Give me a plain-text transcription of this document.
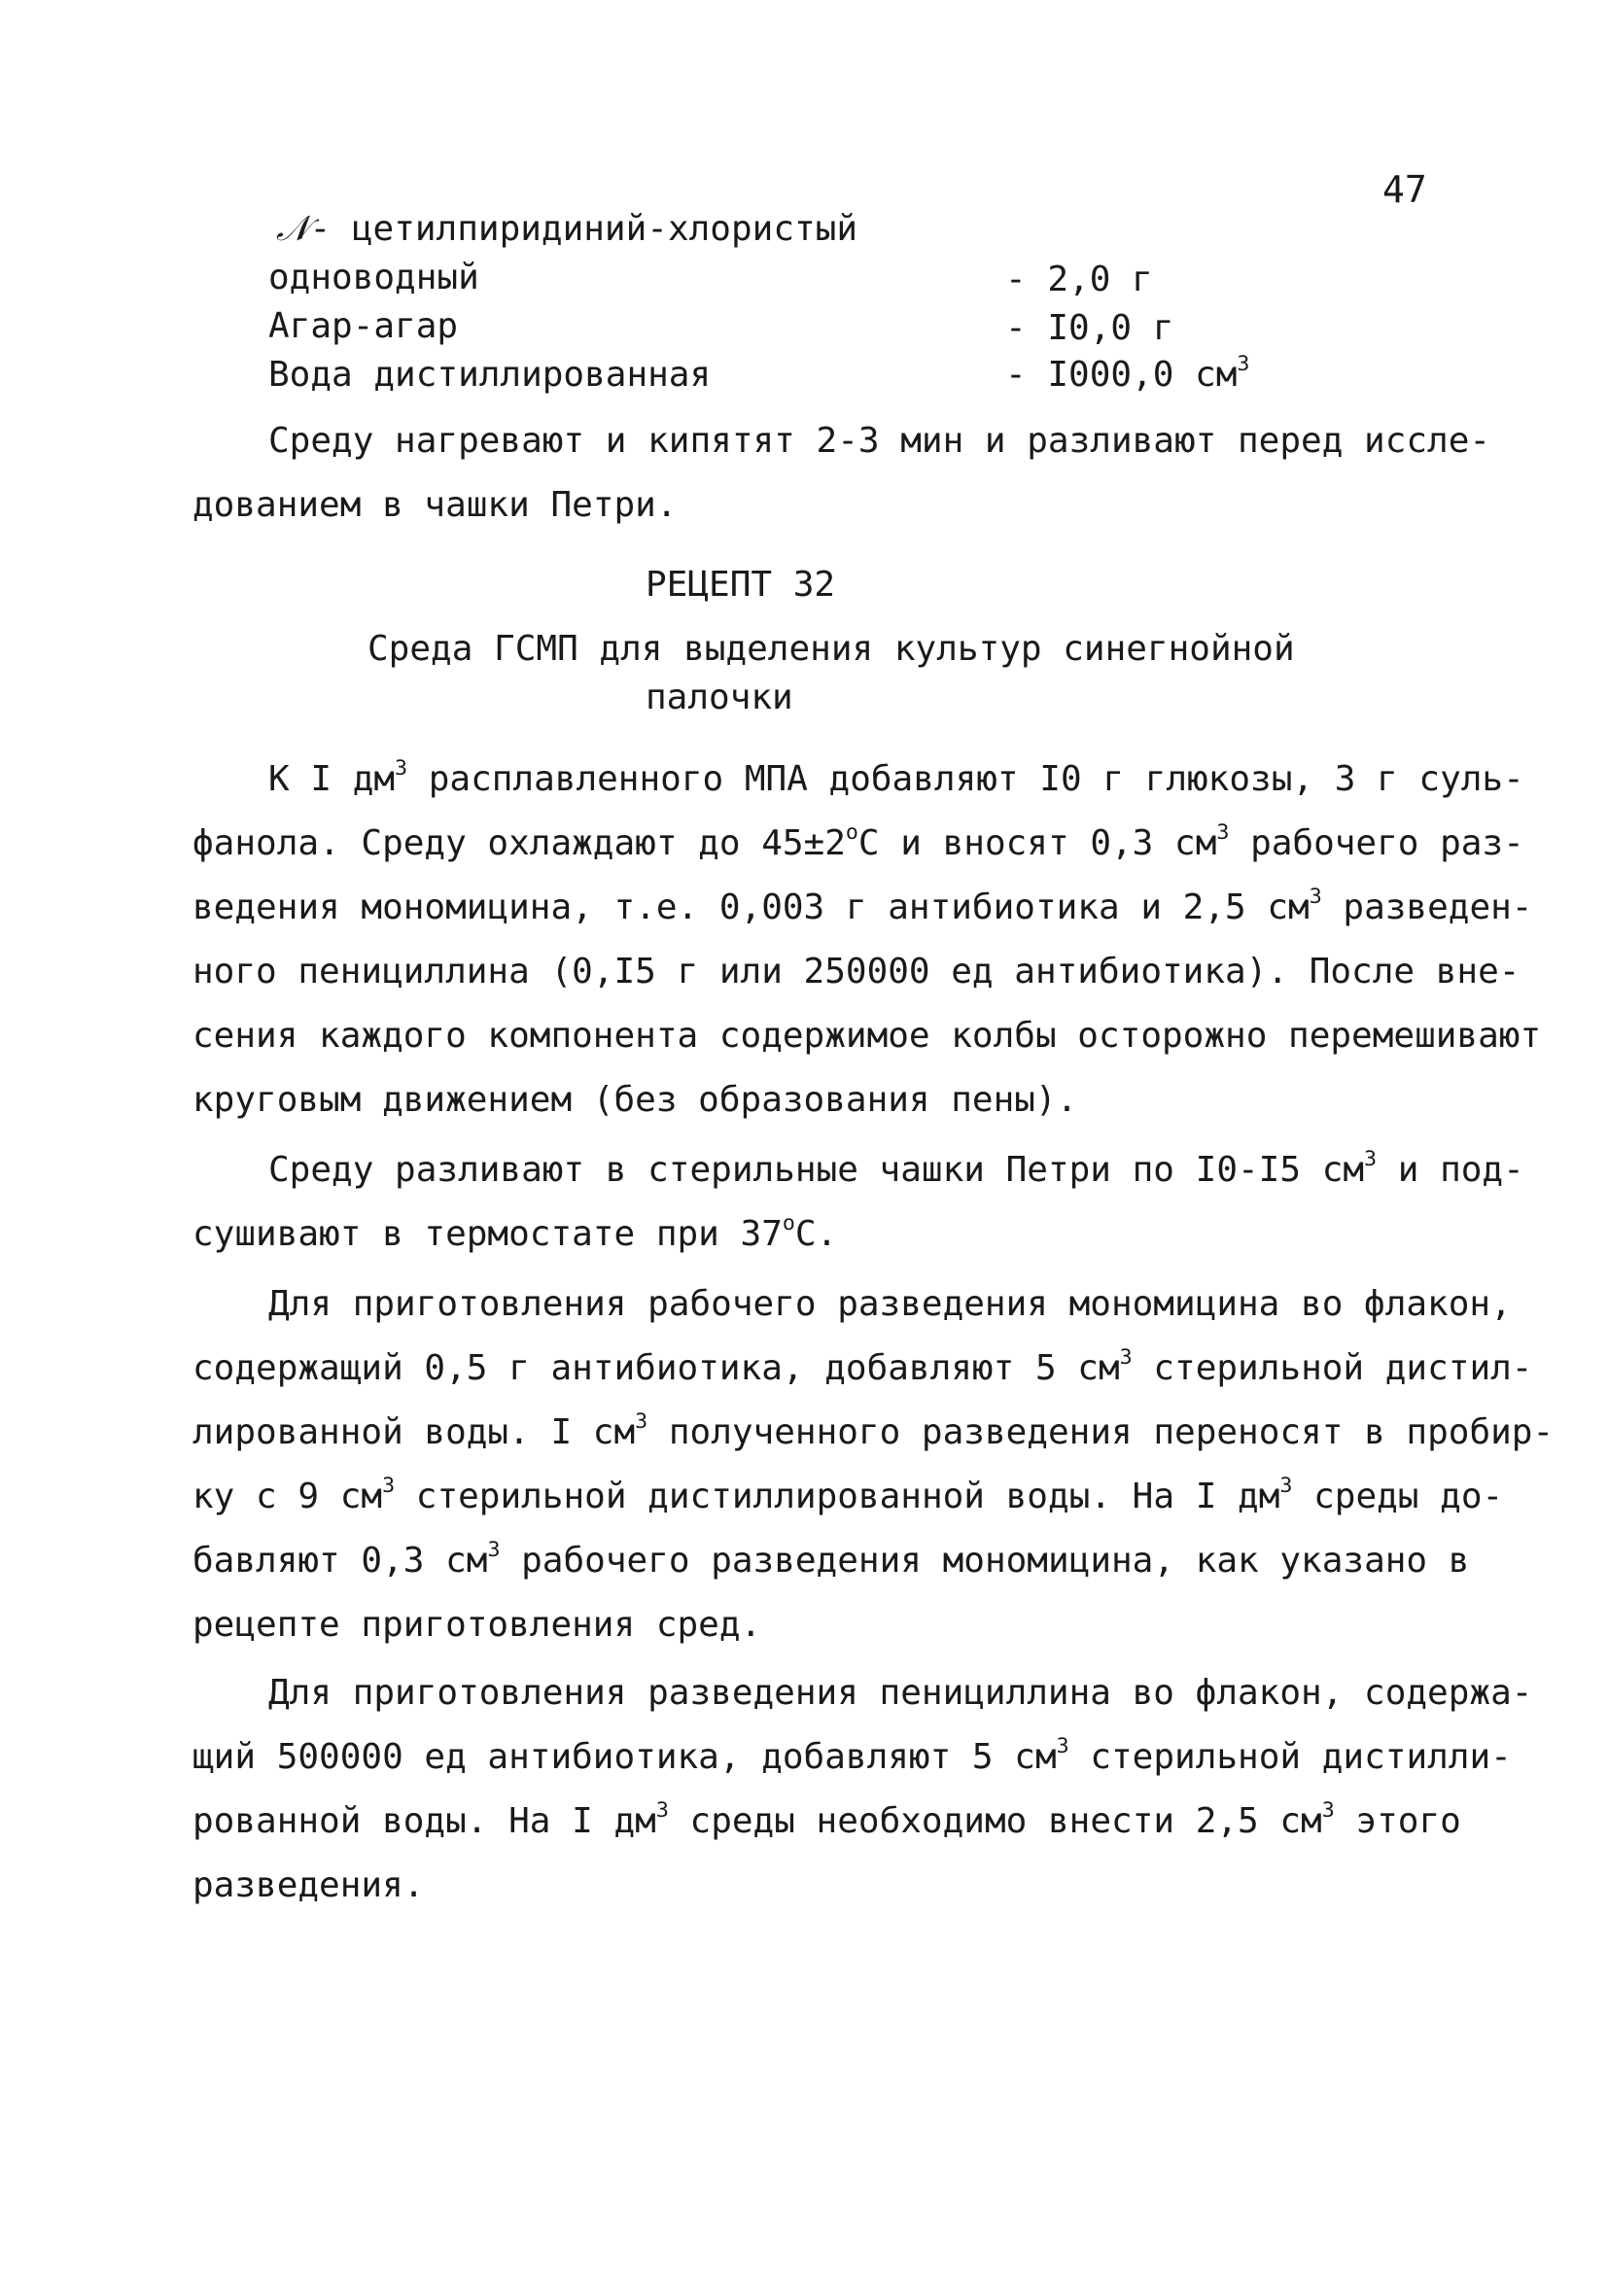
47
𝒩- цетилпиридиний-хлористый
одноводный	- 2,0 г
Агар-агар	- I0,0 г
Вода дистиллированная	- I000,0 $см^3$
Среду нагревают и кипятят 2-3 мин и разливают перед иссле-
дованием в чашки Петри.
РЕЦЕПТ 32
Среда ГСМП для выделения культур синегнойной
палочки
К I $дм^3$ расплавленного МПА добавляют I0 г глюкозы, 3 г суль-
фанола. Среду охлаждают до $45\pm 2^оС$ и вносят 0,3 $см^3$ рабочего раз-
ведения мономицина, т.е. 0,003 г антибиотика и 2,5 $см^3$ разведен-
ного пенициллина (0,I5 г или 250000 ед антибиотика). После вне-
сения каждого компонента содержимое колбы осторожно перемешивают
круговым движением (без образования пены).
Среду разливают в стерильные чашки Петри по I0-I5 $см^3$ и под-
сушивают в термостате при $37^оС$.
Для приготовления рабочего разведения мономицина во флакон,
содержащий 0,5 г антибиотика, добавляют 5 $см^3$ стерильной дистил-
лированной воды. I $см^3$ полученного разведения переносят в пробир-
ку с 9 $см^3$ стерильной дистиллированной воды. На I $дм^3$ среды до-
бавляют 0,3 $см^3$ рабочего разведения мономицина, как указано в
рецепте приготовления сред.
Для приготовления разведения пенициллина во флакон, содержа-
щий 500000 ед антибиотика, добавляют 5 $см^3$ стерильной дистилли-
рованной воды. На I $дм^3$ среды необходимо внести 2,5 $см^3$ этого
разведения.
